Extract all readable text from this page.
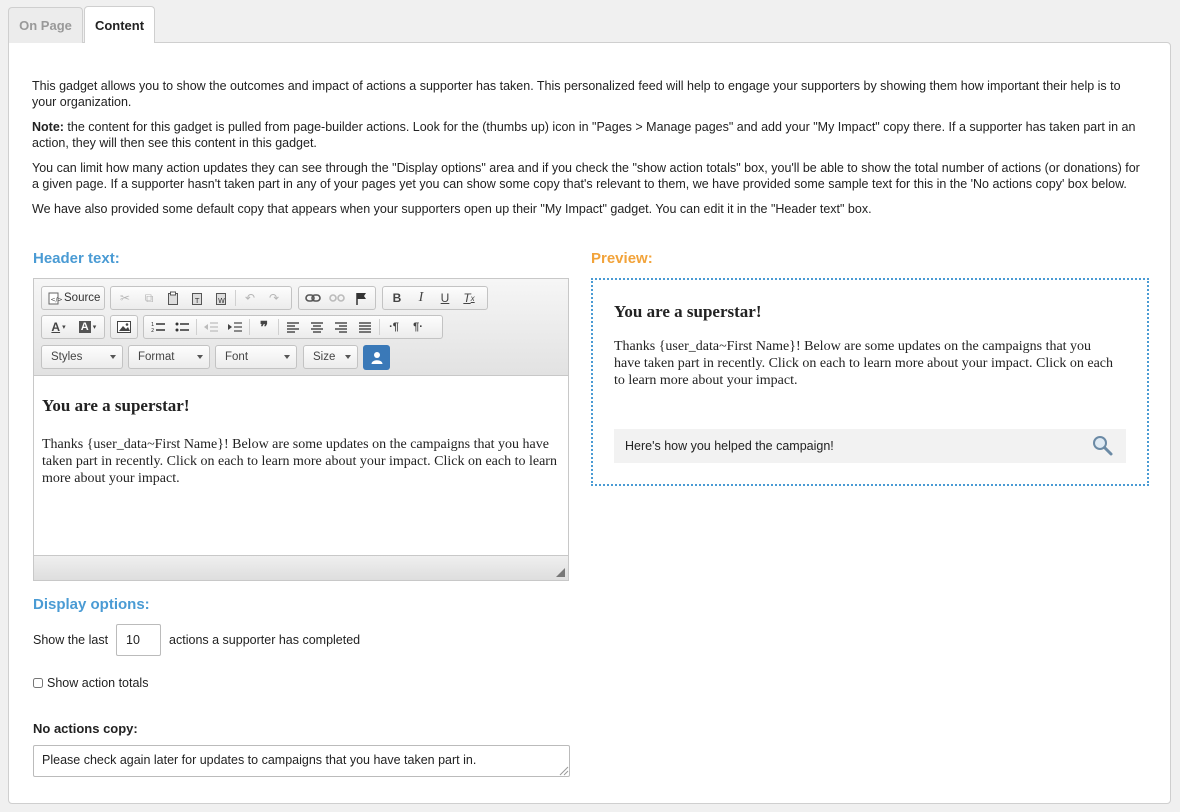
On Page	Content

This gadget allows you to show the outcomes and impact of actions a supporter has taken. This personalized feed will help to engage your supporters by showing them how important their help is to your organization.

Note: the content for this gadget is pulled from page-builder actions. Look for the (thumbs up) icon in "Pages > Manage pages" and add your "My Impact" copy there. If a supporter has taken part in an action, they will then see this content in this gadget.

You can limit how many action updates they can see through the "Display options" area and if you check the "show action totals" box, you'll be able to show the total number of actions (or donations) for a given page. If a supporter hasn't taken part in any of your pages yet you can show some copy that's relevant to them, we have provided some sample text for this in the 'No actions copy' box below.

We have also provided some default copy that appears when your supporters open up their "My Impact" gadget. You can edit it in the "Header text" box.

Header text:	Preview:
</> Source	✂	⧉	T	W	↶	↷	B	I	U	T x
A ▾ A ▾	1
2	❞	·¶	¶·
Styles	Format	Font	Size
You are a superstar!

Thanks {user_data~First Name}! Below are some updates on the campaigns that you have taken part in recently. Click on each to learn more about your impact. Click on each to learn more about your impact.

You are a superstar!

Thanks {user_data~First Name}! Below are some updates on the campaigns that you have taken part in recently. Click on each to learn more about your impact. Click on each to learn more about your impact.

Here's how you helped the campaign!
Display options:
Show the last
10	actions a supporter has completed
Show action totals
No actions copy:
Please check again later for updates to campaigns that you have taken part in.
